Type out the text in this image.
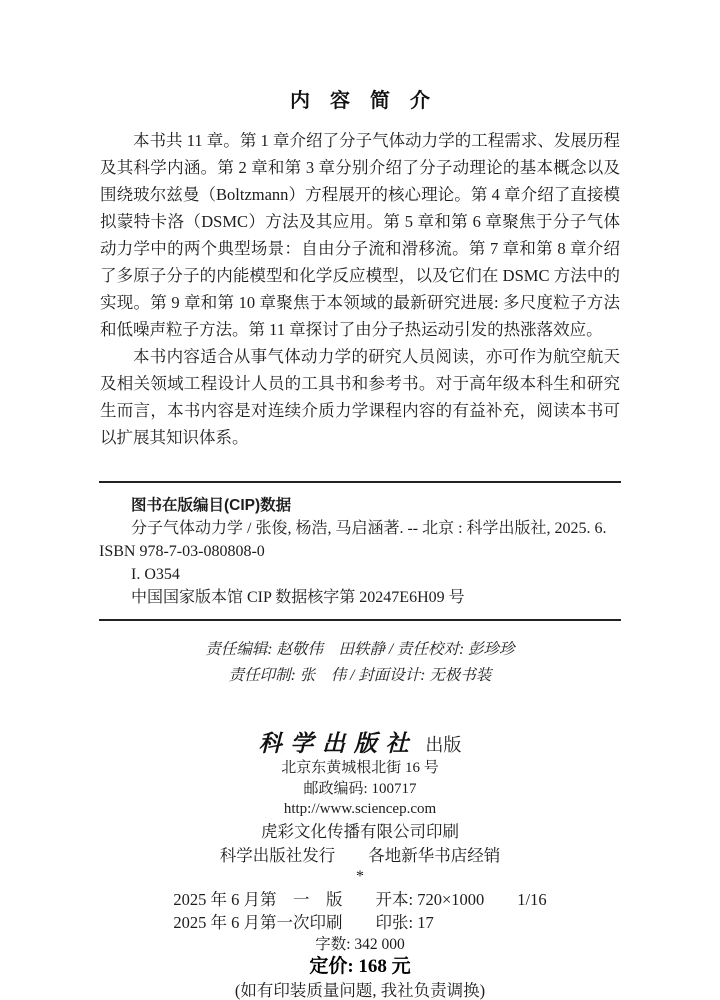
内　容　简　介

本书共 11 章。第 1 章介绍了分子气体动力学的工程需求、发展历程及其科学内涵。第 2 章和第 3 章分别介绍了分子动理论的基本概念以及围绕玻尔兹曼（Boltzmann）方程展开的核心理论。第 4 章介绍了直接模拟蒙特卡洛（DSMC）方法及其应用。第 5 章和第 6 章聚焦于分子气体动力学中的两个典型场景：自由分子流和滑移流。第 7 章和第 8 章介绍了多原子分子的内能模型和化学反应模型，以及它们在 DSMC 方法中的实现。第 9 章和第 10 章聚焦于本领域的最新研究进展: 多尺度粒子方法和低噪声粒子方法。第 11 章探讨了由分子热运动引发的热涨落效应。

本书内容适合从事气体动力学的研究人员阅读，亦可作为航空航天及相关领域工程设计人员的工具书和参考书。对于高年级本科生和研究生而言，本书内容是对连续介质力学课程内容的有益补充，阅读本书可以扩展其知识体系。

图书在版编目(CIP)数据

分子气体动力学 / 张俊, 杨浩, 马启涵著. -- 北京 : 科学出版社, 2025. 6.

ISBN 978-7-03-080808-0

I. O354

中国国家版本馆 CIP 数据核字第 20247E6H09 号

责任编辑: 赵敬伟　田轶静 / 责任校对: 彭珍珍

责任印制: 张　伟 / 封面设计: 无极书装

科学出版社 出版

北京东黄城根北街 16 号

邮政编码: 100717

http://www.sciencep.com

虎彩文化传播有限公司印刷

科学出版社发行　　各地新华书店经销

*

2025 年 6 月第　一　版　　开本: 720×1000　　1/16

2025 年 6 月第一次印刷　　印张: 17

字数: 342 000

定价: 168 元

(如有印装质量问题, 我社负责调换)
